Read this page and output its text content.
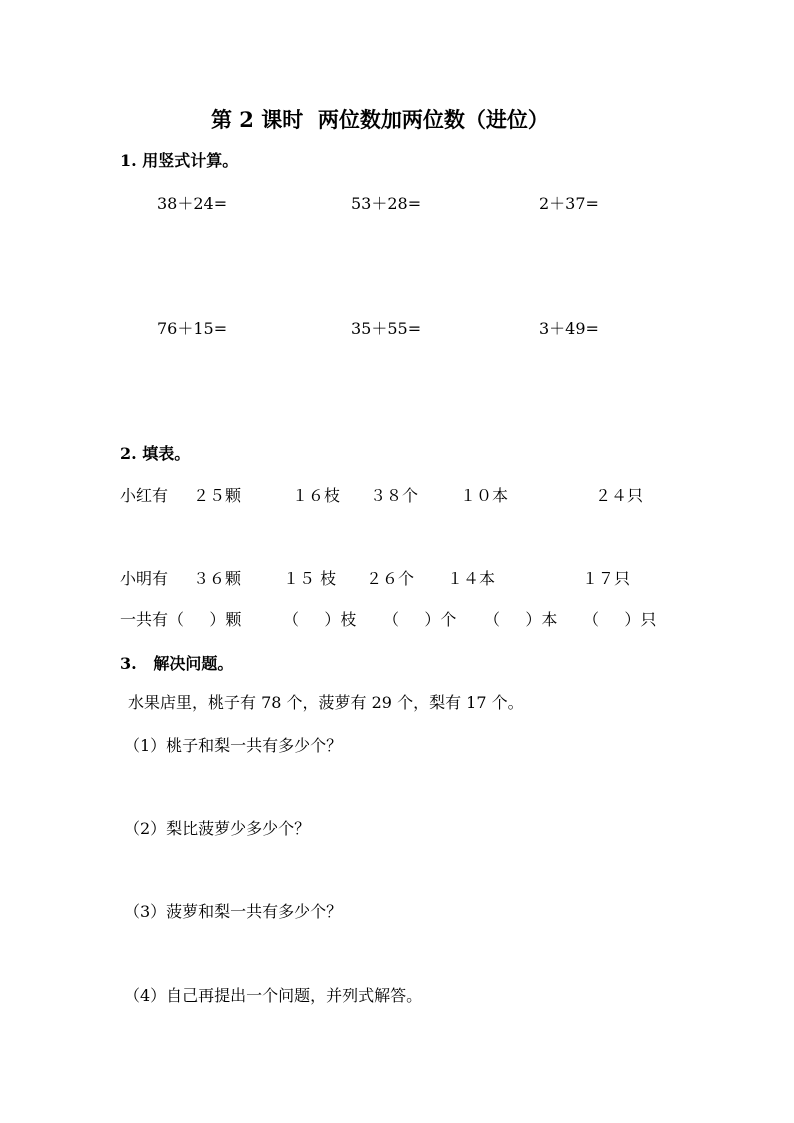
第 2 课时  两位数加两位数（进位）
1. 用竖式计算。
38＋24=	53＋28=	2＋37=
76＋15=	35＋55=	3＋49=
2. 填表。
小红有 ２５颗	１６枝 ３８个	１０本	２４只
小明有 ３６颗	１５ 枝 ２６个 １４本	１７只
一共有（     ）颗	（     ）枝 （     ）个 （     ）本 （     ）只
3.   解决问题。
水果店里，桃子有 78 个，菠萝有 29 个，梨有 17 个。
（1）桃子和梨一共有多少个？
（2）梨比菠萝少多少个？
（3）菠萝和梨一共有多少个？
（4）自己再提出一个问题，并列式解答。
